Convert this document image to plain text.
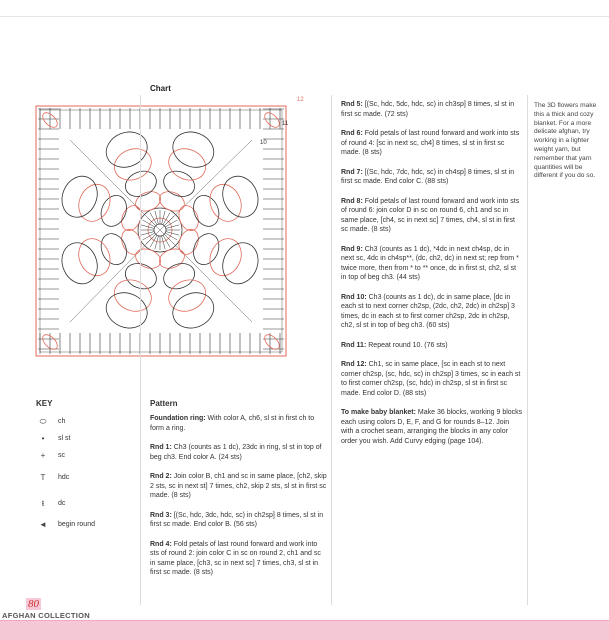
Chart
12
11
10
KEY
⬭	ch
•	sl st
+	sc
T	hdc
ŧ	dc
◄	begin round
Pattern

Foundation ring: With color A, ch6, sl st in first ch to form a ring.

Rnd 1: Ch3 (counts as 1 dc), 23dc in ring, sl st in top of beg ch3. End color A. (24 sts)

Rnd 2: Join color B, ch1 and sc in same place, [ch2, skip 2 sts, sc in next st] 7 times, ch2, skip 2 sts, sl st in first sc made. (8 sts)

Rnd 3: [(Sc, hdc, 3dc, hdc, sc) in ch2sp] 8 times, sl st in first sc made. End color B. (56 sts)

Rnd 4: Fold petals of last round forward and work into sts of round 2: join color C in sc on round 2, ch1 and sc in same place, [ch3, sc in next sc] 7 times, ch3, sl st in first sc made. (8 sts)

Rnd 5: [(Sc, hdc, 5dc, hdc, sc) in ch3sp] 8 times, sl st in first sc made. (72 sts)

Rnd 6: Fold petals of last round forward and work into sts of round 4: [sc in next sc, ch4] 8 times, sl st in first sc made. (8 sts)

Rnd 7: [(Sc, hdc, 7dc, hdc, sc) in ch4sp] 8 times, sl st in first sc made. End color C. (88 sts)

Rnd 8: Fold petals of last round forward and work into sts of round 6: join color D in sc on round 6, ch1 and sc in same place, [ch4, sc in next sc] 7 times, ch4, sl st in first sc made. (8 sts)

Rnd 9: Ch3 (counts as 1 dc), *4dc in next ch4sp, dc in next sc, 4dc in ch4sp**, (dc, ch2, dc) in next st; rep from * twice more, then from * to ** once, dc in first st, ch2, sl st in top of beg ch3. (44 sts)

Rnd 10: Ch3 (counts as 1 dc), dc in same place, [dc in each st to next corner ch2sp, (2dc, ch2, 2dc) in ch2sp] 3 times, dc in each st to first corner ch2sp, 2dc in ch2sp, ch2, sl st in top of beg ch3. (60 sts)

Rnd 11: Repeat round 10. (76 sts)

Rnd 12: Ch1, sc in same place, [sc in each st to next corner ch2sp, (sc, hdc, sc) in ch2sp] 3 times, sc in each st to first corner ch2sp, (sc, hdc) in ch2sp, sl st in first sc made. End color D. (88 sts)

To make baby blanket: Make 36 blocks, working 9 blocks each using colors D, E, F, and G for rounds 8–12. Join with a crochet seam, arranging the blocks in any color order you wish. Add Curvy edging (page 104).

The 3D flowers make this a thick and cozy blanket. For a more delicate afghan, try working in a lighter weight yarn, but remember that yarn quantities will be different if you do so.
80
AFGHAN COLLECTION
